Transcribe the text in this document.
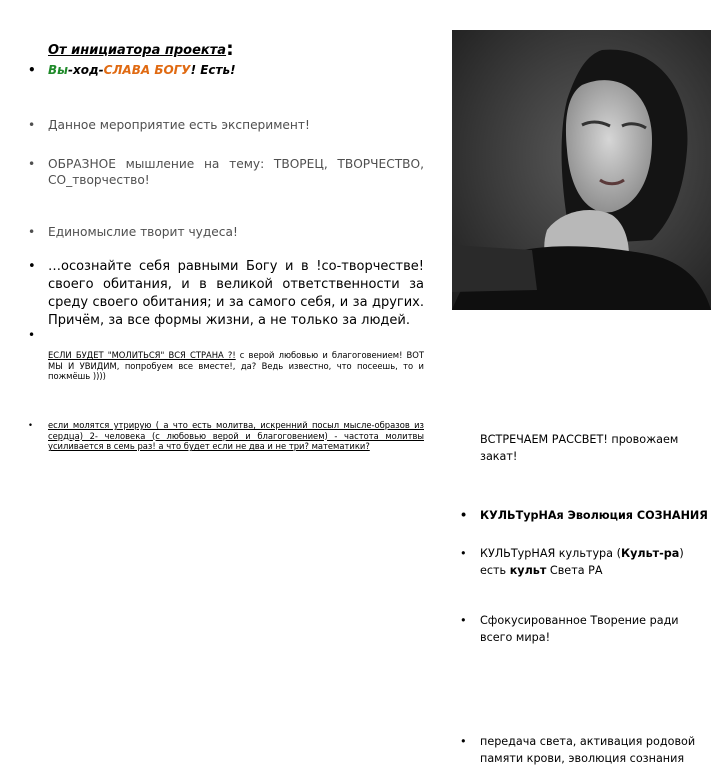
От инициатора проекта:
• Вы-ход-СЛАВА БОГУ! Есть!
• Данное мероприятие есть эксперимент!
• ОБРАЗНОЕ мышление на тему: ТВОРЕЦ, ТВОРЧЕСТВО, СО_творчество!
• Единомыслие творит чудеса!
• …осознайте себя равными Богу и в !со-творчестве! своего обитания, и в великой ответственности за среду своего обитания; и за самого себя, и за других. Причём, за все формы жизни, а не только за людей.
• если молятся утрирую ( а что есть молитва, искренний посыл мысле-образов из сердца) 2- человека (с любовью верой и благоговением) - частота молитвы усиливается в семь раз! а что будет если не два и не три? математики?
•
ЕСЛИ БУДЕТ "МОЛИТЬСЯ" ВСЯ СТРАНА ?! с верой любовью и благоговением! ВОТ МЫ И УВИДИМ, попробуем все вместе!, да? Ведь известно, что посеешь, то и пожмёшь ))))
• КУЛЬТурНАя Эволюция СОЗНАНИЯ
• КУЛЬТурНАЯ культура (Культ-ра) есть культ Света РА
• Сфокусированное Творение ради всего мира!
ВСТРЕЧАЕМ РАССВЕТ! провожаем закат!
• передача света, активация родовой памяти крови, эволюция сознания
